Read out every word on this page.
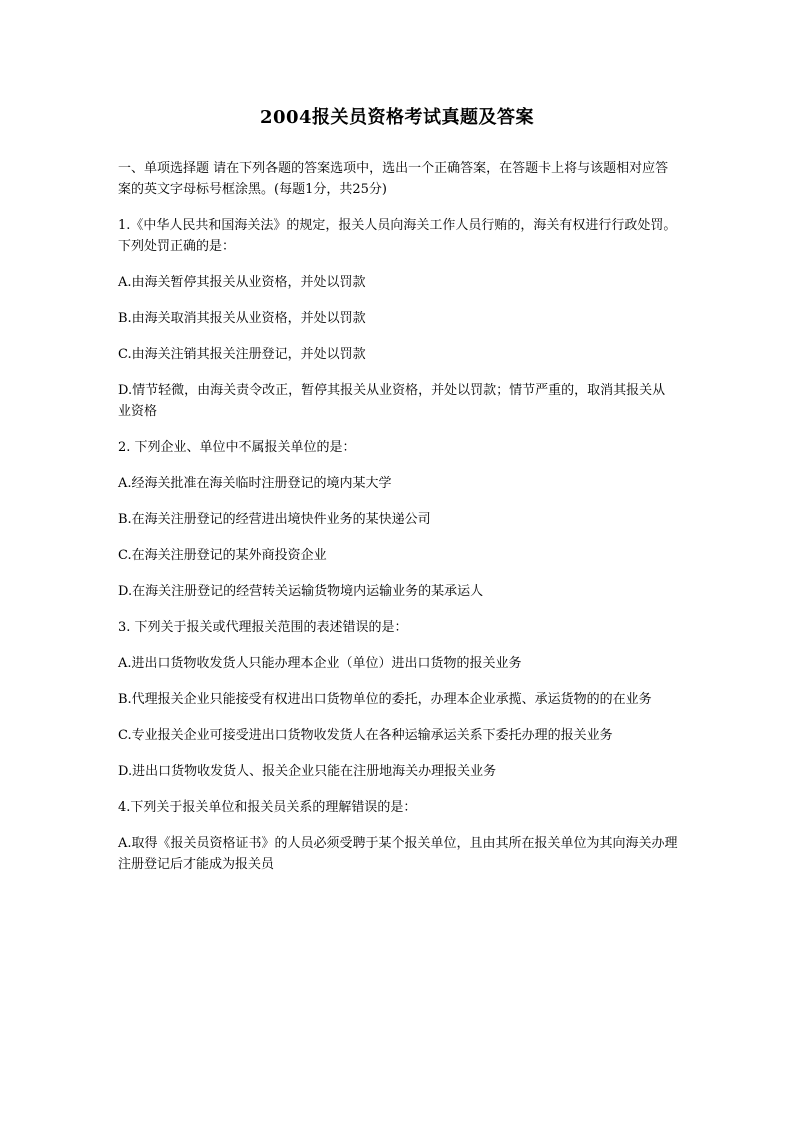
2004报关员资格考试真题及答案

一、单项选择题 请在下列各题的答案选项中，选出一个正确答案，在答题卡上将与该题相对应答案的英文字母标号框涂黑。(每题1分，共25分)

1.《中华人民共和国海关法》的规定，报关人员向海关工作人员行贿的，海关有权进行行政处罚。下列处罚正确的是：

A.由海关暂停其报关从业资格，并处以罚款

B.由海关取消其报关从业资格，并处以罚款

C.由海关注销其报关注册登记，并处以罚款

D.情节轻微，由海关责令改正，暂停其报关从业资格，并处以罚款；情节严重的，取消其报关从业资格

2. 下列企业、单位中不属报关单位的是：

A.经海关批准在海关临时注册登记的境内某大学

B.在海关注册登记的经营进出境快件业务的某快递公司

C.在海关注册登记的某外商投资企业

D.在海关注册登记的经营转关运输货物境内运输业务的某承运人

3. 下列关于报关或代理报关范围的表述错误的是：

A.进出口货物收发货人只能办理本企业（单位）进出口货物的报关业务

B.代理报关企业只能接受有权进出口货物单位的委托，办理本企业承揽、承运货物的的在业务

C.专业报关企业可接受进出口货物收发货人在各种运输承运关系下委托办理的报关业务

D.进出口货物收发货人、报关企业只能在注册地海关办理报关业务

4.下列关于报关单位和报关员关系的理解错误的是：

A.取得《报关员资格证书》的人员必须受聘于某个报关单位，且由其所在报关单位为其向海关办理注册登记后才能成为报关员
